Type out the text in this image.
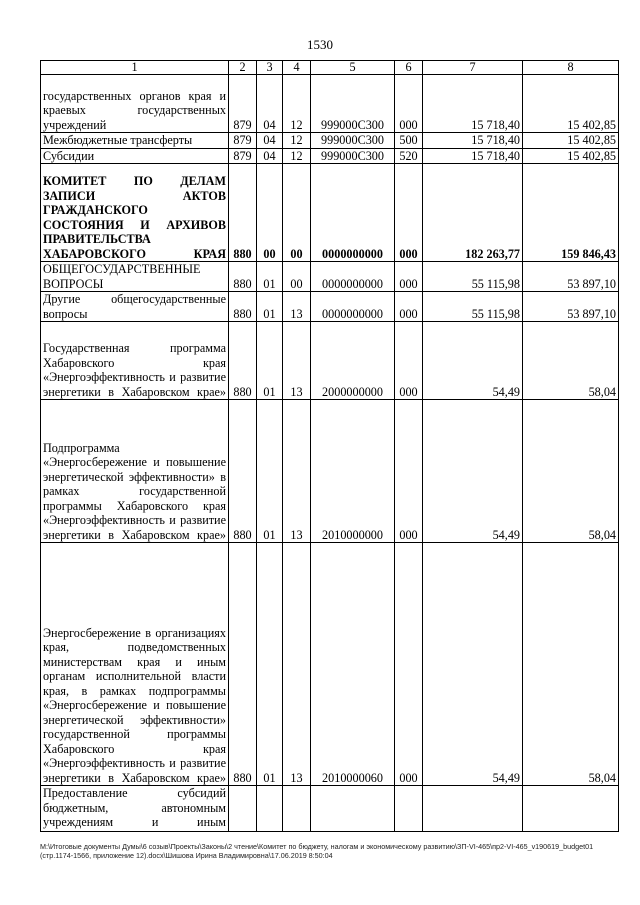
1530
1	2	3	4	5	6	7	8
государственных органов края и краевых государственных учреждений	879	04	12	999000С300	000	15 718,40	15 402,85
Межбюджетные трансферты	879	04	12	999000С300	500	15 718,40	15 402,85
Субсидии	879	04	12	999000С300	520	15 718,40	15 402,85
КОМИТЕТ ПО ДЕЛАМ ЗАПИСИ АКТОВ ГРАЖДАНСКОГО СОСТОЯНИЯ И АРХИВОВ ПРАВИТЕЛЬСТВА ХАБАРОВСКОГО КРАЯ	880	00	00	0000000000	000	182 263,77	159 846,43
ОБЩЕГОСУДАРСТВЕННЫЕ ВОПРОСЫ	880	01	00	0000000000	000	55 115,98	53 897,10
Другие общегосударственные вопросы	880	01	13	0000000000	000	55 115,98	53 897,10
Государственная программа Хабаровского края «Энергоэффективность и развитие энергетики в Хабаровском крае»	880	01	13	2000000000	000	54,49	58,04
Подпрограмма «Энергосбережение и повышение энергетической эффективности» в рамках государственной программы Хабаровского края «Энергоэффективность и развитие энергетики в Хабаровском крае»	880	01	13	2010000000	000	54,49	58,04
Энергосбережение в организациях края, подведомственных министерствам края и иным органам исполнительной власти края, в рамках подпрограммы «Энергосбережение и повышение энергетической эффективности» государственной программы Хабаровского края «Энергоэффективность и развитие энергетики в Хабаровском крае»	880	01	13	2010000060	000	54,49	58,04
Предоставление субсидий бюджетным, автономным учреждениям и иным							
М:\Итоговые документы Думы\6 созыв\Проекты\Законы\2 чтение\Комитет по бюджету, налогам и экономическому развитию\ЗП-VI-465\пр2-VI-465_v190619_budget01 (стр.1174-1566, приложение 12).docx\Шишова Ирина Владимировна\17.06.2019 8:50:04
